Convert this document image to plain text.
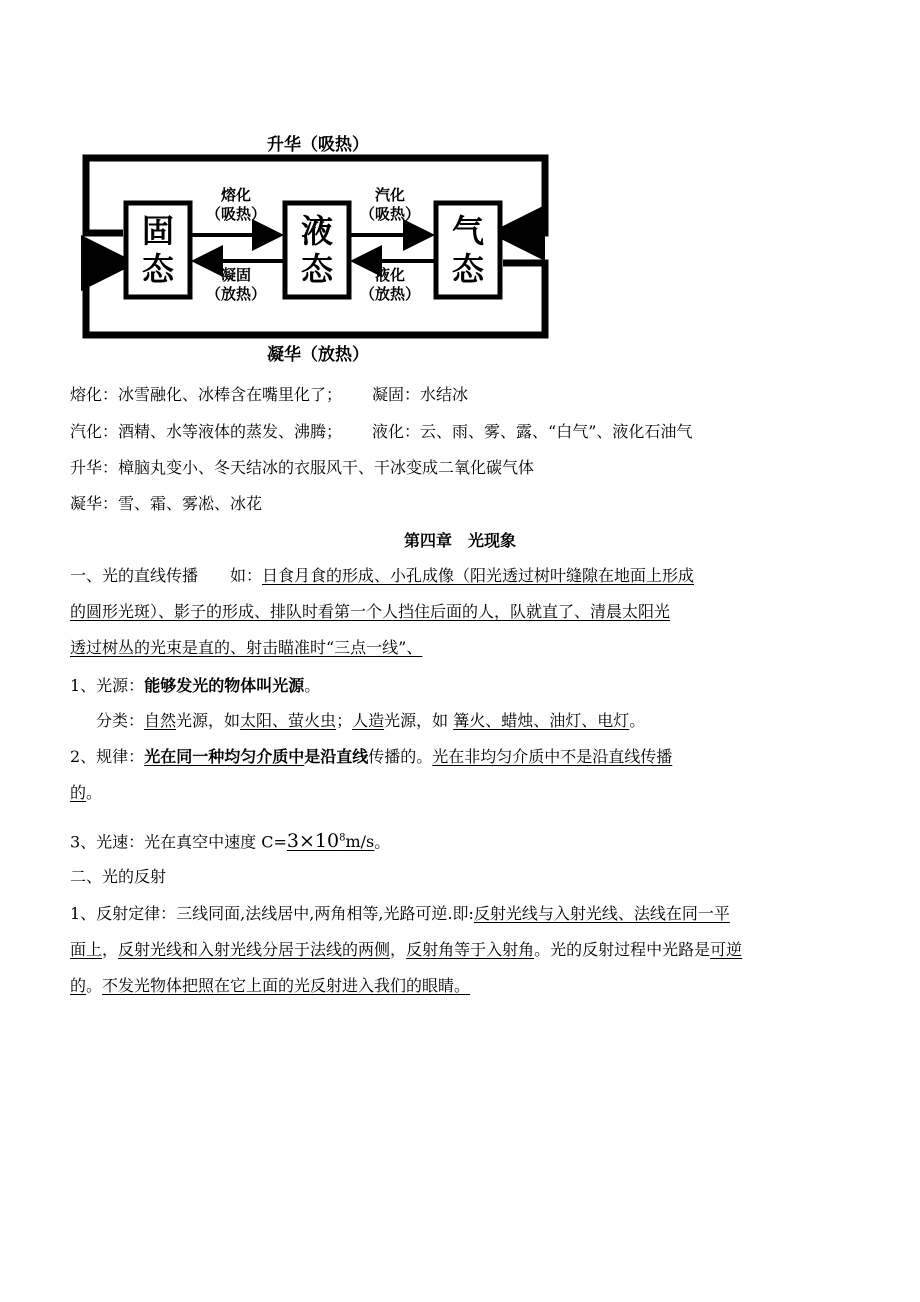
升华（吸热）
凝华（放热）
固
态
液
态
气
态
熔化
（吸热）
凝固
（放热）
汽化
（吸热）
液化
（放热）
熔化：冰雪融化、冰棒含在嘴里化了； 凝固：水结冰
汽化：酒精、水等液体的蒸发、沸腾； 液化：云、雨、雾、露、“白气”、液化石油气
升华：樟脑丸变小、冬天结冰的衣服风干、干冰变成二氧化碳气体
凝华：雪、霜、雾凇、冰花
第四章　光现象
一、光的直线传播　　如：日食月食的形成、小孔成像（阳光透过树叶缝隙在地面上形成
的圆形光斑）、影子的形成、排队时看第一个人挡住后面的人，队就直了、清晨太阳光
透过树丛的光束是直的、射击瞄准时“三点一线”、
1、光源：能够发光的物体叫光源。
分类：自然光源，如太阳、萤火虫；人造光源，如 篝火、蜡烛、油灯、电灯。
2、规律：光在同一种均匀介质中是沿直线传播的。光在非均匀介质中不是沿直线传播
的。
3、光速：光在真空中速度 $C=3\times 10^8m/s$。
二、光的反射
1、反射定律：三线同面,法线居中,两角相等,光路可逆.即:反射光线与入射光线、法线在同一平
面上，反射光线和入射光线分居于法线的两侧，反射角等于入射角。光的反射过程中光路是可逆
的。不发光物体把照在它上面的光反射进入我们的眼睛。
